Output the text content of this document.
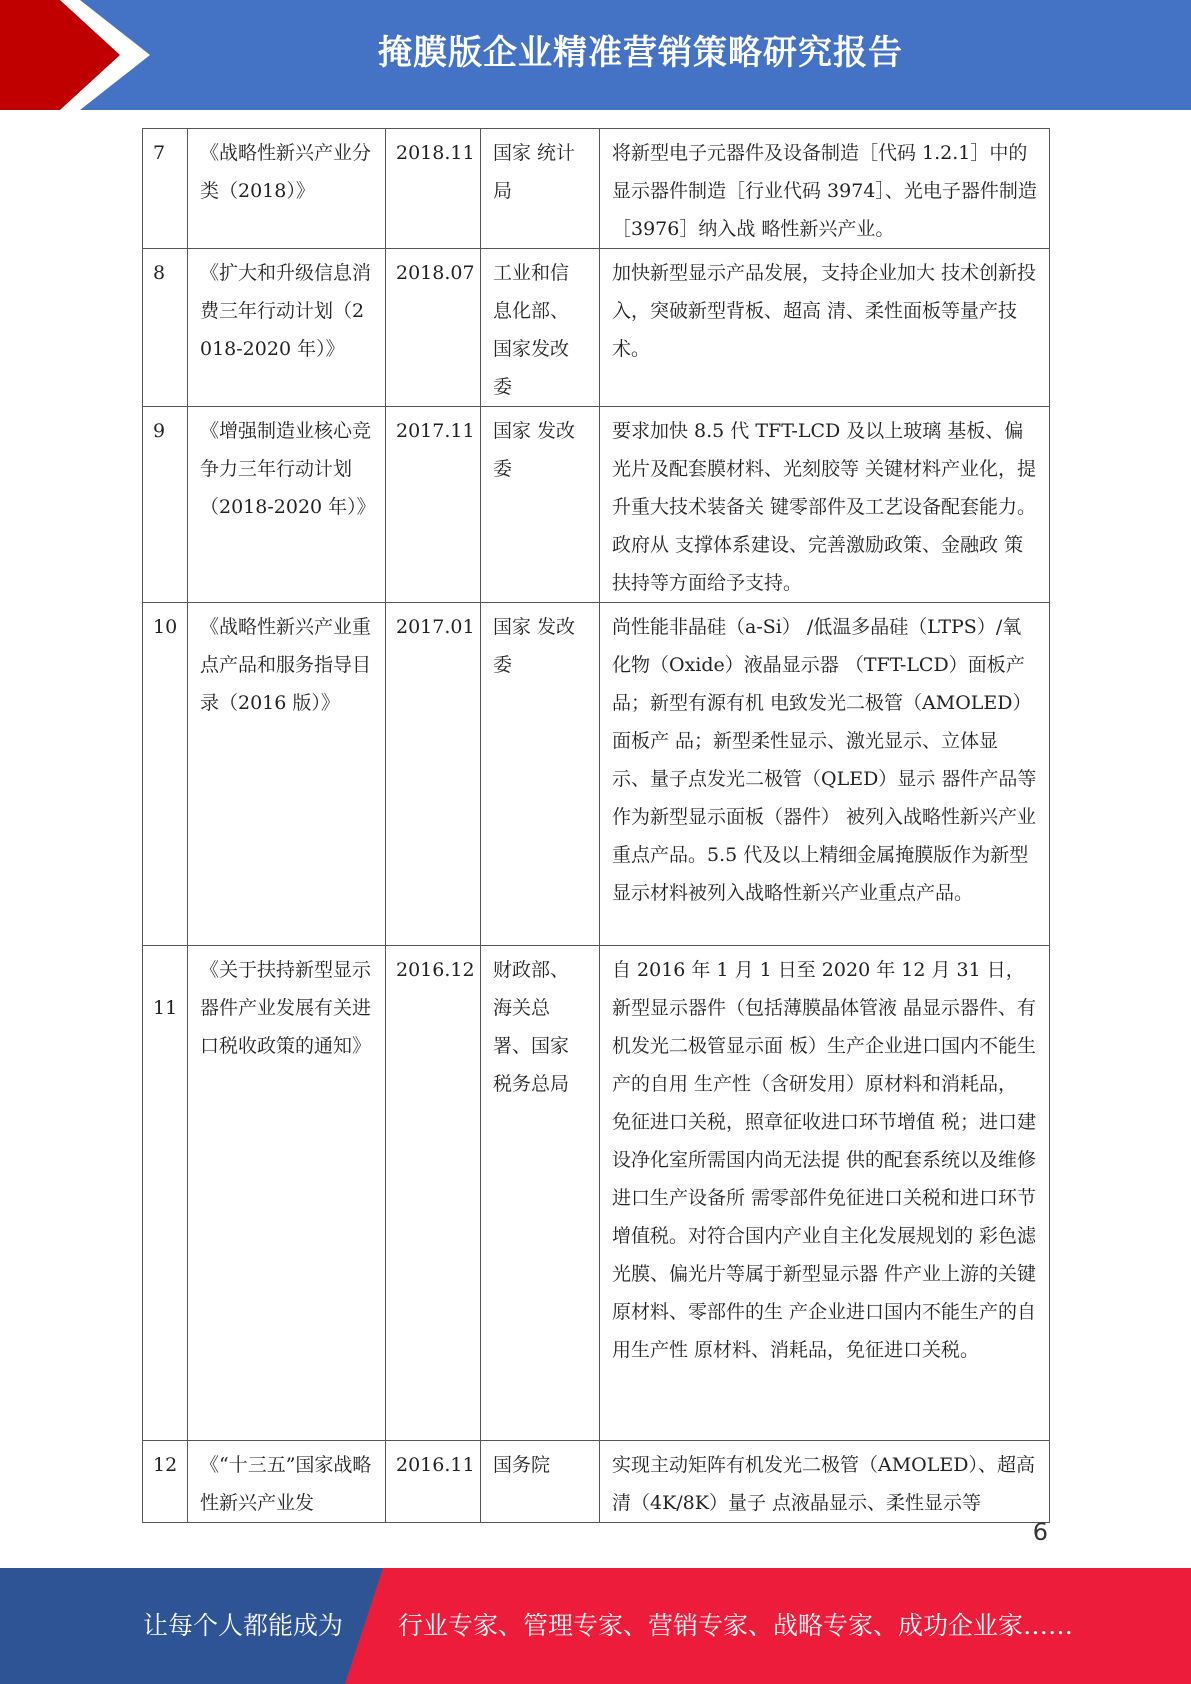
掩膜版企业精准营销策略研究报告
7	《战略性新兴产业分类（2018）》	2018.11	国家 统计局	将新型电子元器件及设备制造［代码 1.2.1］中的显示器件制造［行业代码 3974］、光电子器件制造［3976］纳入战 略性新兴产业。
8	《扩大和升级信息消费三年行动计划（2018-2020 年）》	2018.07	工业和信息化部、国家发改委	加快新型显示产品发展，支持企业加大 技术创新投入，突破新型背板、超高 清、柔性面板等量产技术。
9	《增强制造业核心竞争力三年行动计划（2018-2020 年）》	2017.11	国家 发改委	要求加快 8.5 代 TFT-LCD 及以上玻璃 基板、偏光片及配套膜材料、光刻胶等 关键材料产业化，提升重大技术装备关 键零部件及工艺设备配套能力。政府从 支撑体系建设、完善激励政策、金融政 策扶持等方面给予支持。
10	《战略性新兴产业重点产品和服务指导目录（2016 版）》	2017.01	国家 发改委	尚性能非晶硅（a-Si） /低温多晶硅（LTPS）/氧化物（Oxide）液晶显示器 （TFT-LCD）面板产品；新型有源有机 电致发光二极管（AMOLED）面板产 品；新型柔性显示、激光显示、立体显 示、量子点发光二极管（QLED）显示 器件产品等作为新型显示面板（器件） 被列入战略性新兴产业重点产品。5.5 代及以上精细金属掩膜版作为新型显示材料被列入战略性新兴产业重点产品。
11	《关于扶持新型显示器件产业发展有关进口税收政策的通知》	2016.12	财政部、海关总署、国家税务总局	自 2016 年 1 月 1 日至 2020 年 12 月 31 日，新型显示器件（包括薄膜晶体管液 晶显示器件、有机发光二极管显示面 板）生产企业进口国内不能生产的自用 生产性（含研发用）原材料和消耗品， 免征进口关税，照章征收进口环节增值 税；进口建设净化室所需国内尚无法提 供的配套系统以及维修进口生产设备所 需零部件免征进口关税和进口环节增值税。对符合国内产业自主化发展规划的 彩色滤光膜、偏光片等属于新型显示器 件产业上游的关键原材料、零部件的生 产企业进口国内不能生产的自用生产性 原材料、消耗品，免征进口关税。
12	《“十三五”国家战略性新兴产业发	2016.11	国务院	实现主动矩阵有机发光二极管（AMOLED）、超高清（4K/8K）量子 点液晶显示、柔性显示等
6
让每个人都能成为 行业专家、管理专家、营销专家、战略专家、成功企业家……
